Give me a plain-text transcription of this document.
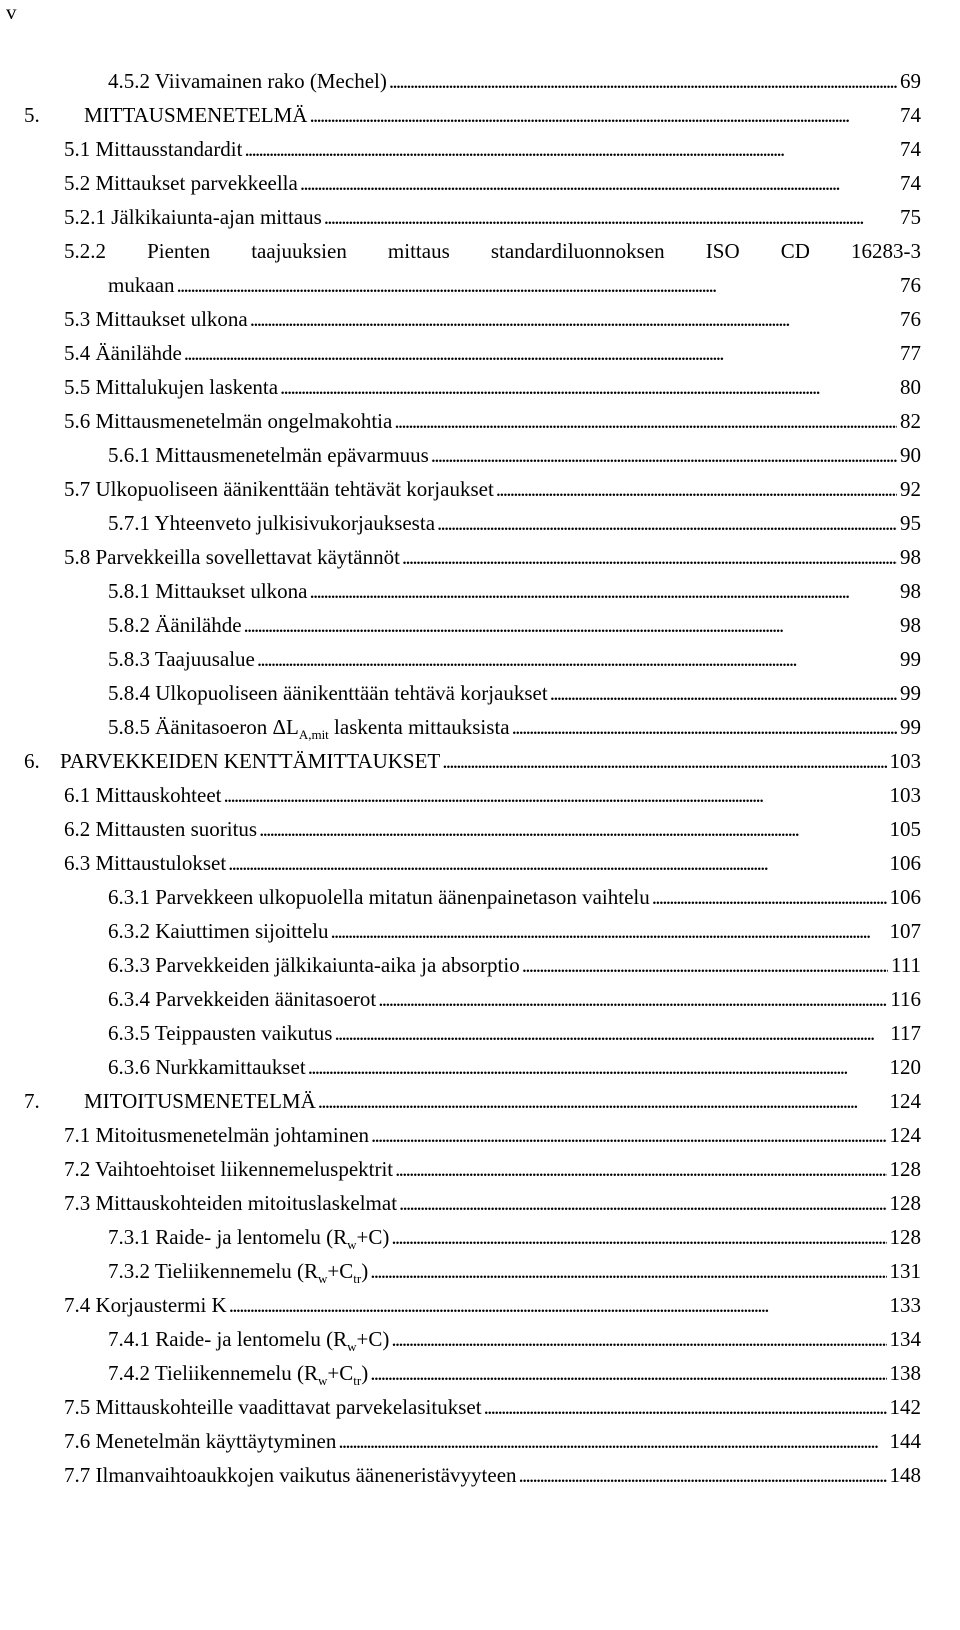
v
4.5.2 Viivamainen rako (Mechel) . . .	69
5. MITTAUSMENETELMÄ . . .	74
5.1 Mittausstandardit . . .	74
5.2 Mittaukset parvekkeella . . .	74
5.2.1 Jälkikaiunta-ajan mittaus . . .	75
5.2.2 Pienten taajuuksien mittaus standardiluonnoksen ISO CD 16283-3
mukaan . . .	76
5.3 Mittaukset ulkona . . .	76
5.4 Äänilähde . . .	77
5.5 Mittalukujen laskenta . . .	80
5.6 Mittausmenetelmän ongelmakohtia . . .	82
5.6.1 Mittausmenetelmän epävarmuus . . .	90
5.7 Ulkopuoliseen äänikenttään tehtävät korjaukset . . .	92
5.7.1 Yhteenveto julkisivukorjauksesta . . .	95
5.8 Parvekkeilla sovellettavat käytännöt . . .	98
5.8.1 Mittaukset ulkona . . .	98
5.8.2 Äänilähde . . .	98
5.8.3 Taajuusalue . . .	99
5.8.4 Ulkopuoliseen äänikenttään tehtävä korjaukset . . .	99
5.8.5 Äänitasoeron $\Delta L_{A,mit}$ laskenta mittauksista . . .	99
6. PARVEKKEIDEN KENTTÄMITTAUKSET . . .	103
6.1 Mittauskohteet . . .	103
6.2 Mittausten suoritus . . .	105
6.3 Mittaustulokset . . .	106
6.3.1 Parvekkeen ulkopuolella mitatun äänenpainetason vaihtelu . . .	106
6.3.2 Kaiuttimen sijoittelu . . .	107
6.3.3 Parvekkeiden jälkikaiunta-aika ja absorptio . . .	111
6.3.4 Parvekkeiden äänitasoerot . . .	116
6.3.5 Teippausten vaikutus . . .	117
6.3.6 Nurkkamittaukset . . .	120
7. MITOITUSMENETELMÄ . . .	124
7.1 Mitoitusmenetelmän johtaminen . . .	124
7.2 Vaihtoehtoiset liikennemeluspektrit . . .	128
7.3 Mittauskohteiden mitoituslaskelmat . . .	128
7.3.1 Raide- ja lentomelu $(R_w+C)$ . . .	128
7.3.2 Tieliikennemelu $(R_w+C_{tr})$ . . .	131
7.4 Korjaustermi K . . .	133
7.4.1 Raide- ja lentomelu $(R_w+C)$ . . .	134
7.4.2 Tieliikennemelu $(R_w+C_{tr})$ . . .	138
7.5 Mittauskohteille vaadittavat parvekelasitukset . . .	142
7.6 Menetelmän käyttäytyminen . . .	144
7.7 Ilmanvaihtoaukkojen vaikutus ääneneristävyyteen . . .	148
